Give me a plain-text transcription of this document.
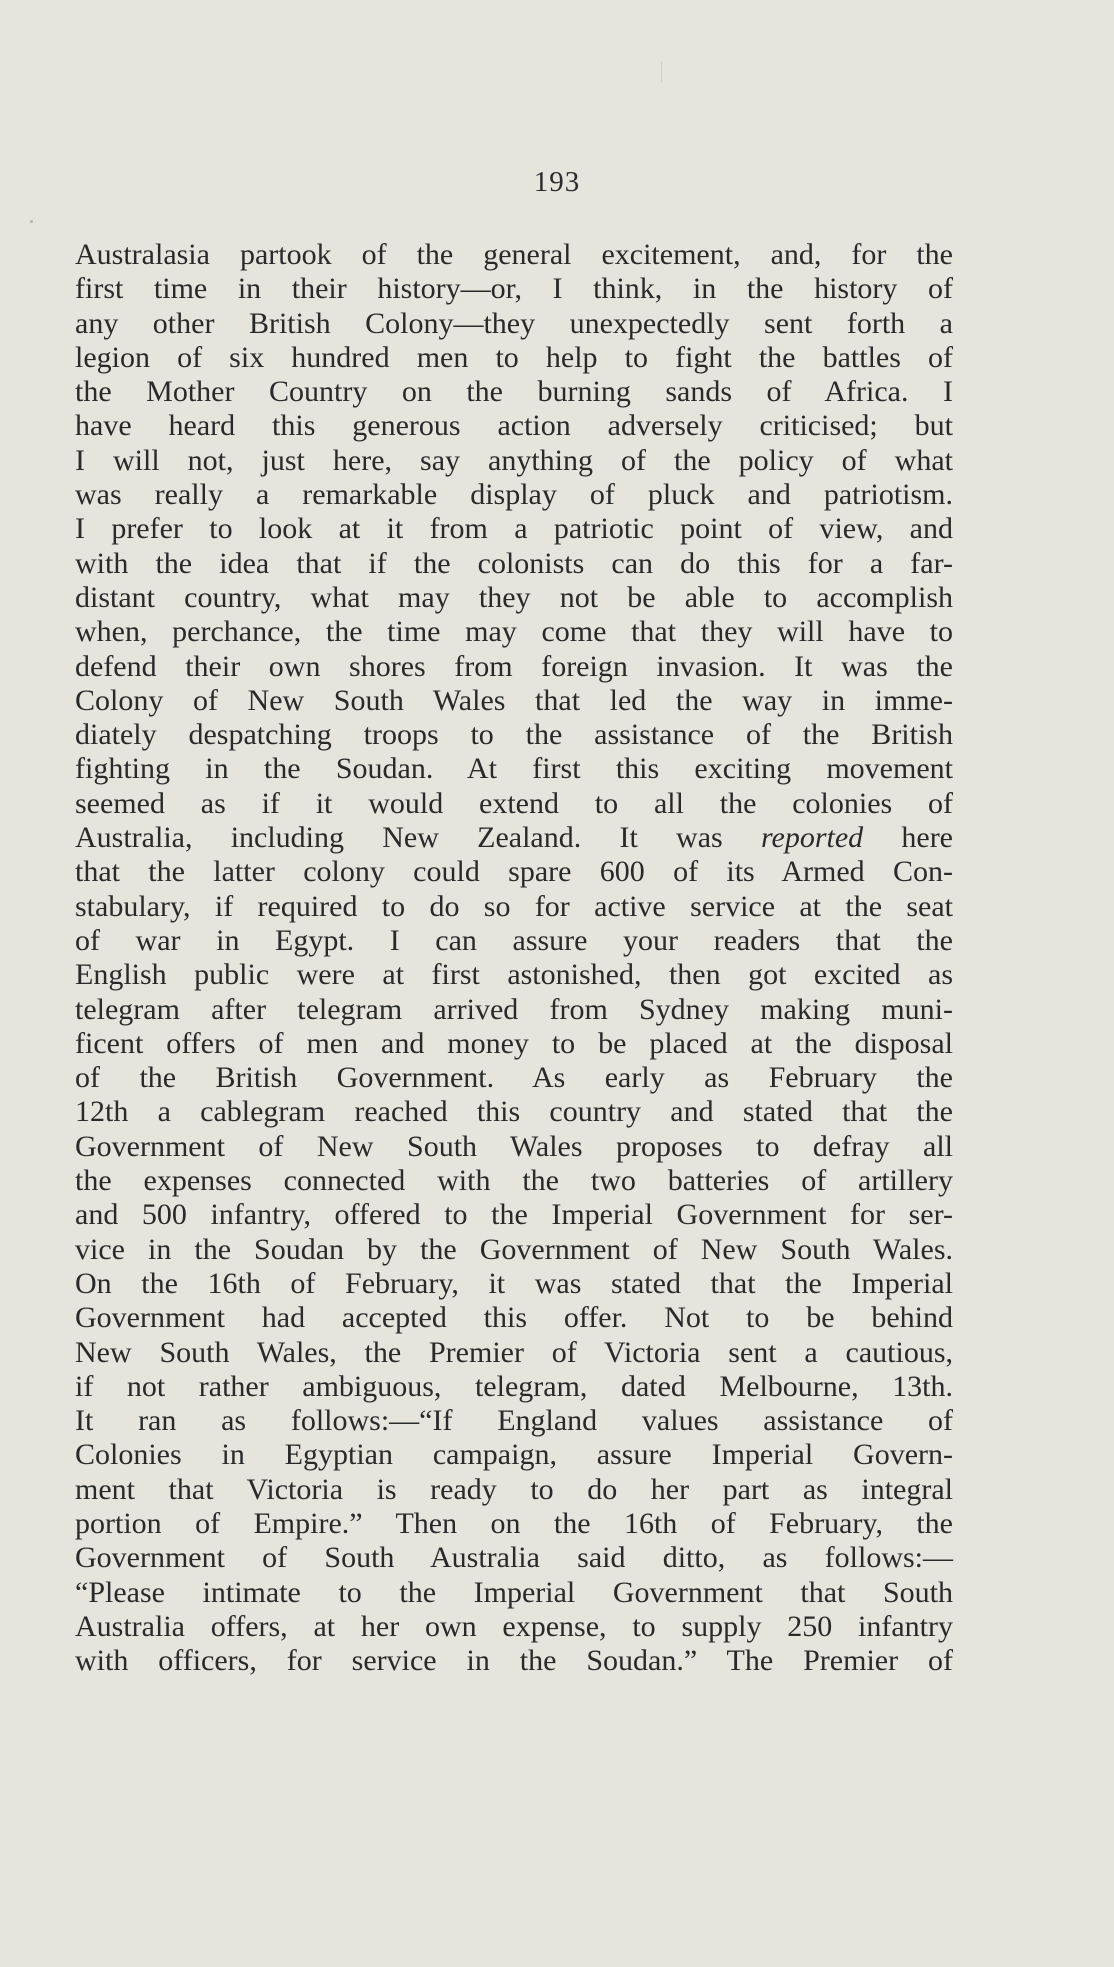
193
Australasia partook of the general excitement, and, for the
first time in their history—or, I think, in the history of
any other British Colony—they unexpectedly sent forth a
legion of six hundred men to help to fight the battles of
the Mother Country on the burning sands of Africa. I
have heard this generous action adversely criticised; but
I will not, just here, say anything of the policy of what
was really a remarkable display of pluck and patriotism.
I prefer to look at it from a patriotic point of view, and
with the idea that if the colonists can do this for a far-
distant country, what may they not be able to accomplish
when, perchance, the time may come that they will have to
defend their own shores from foreign invasion. It was the
Colony of New South Wales that led the way in imme-
diately despatching troops to the assistance of the British
fighting in the Soudan. At first this exciting movement
seemed as if it would extend to all the colonies of
Australia, including New Zealand. It was reported here
that the latter colony could spare 600 of its Armed Con-
stabulary, if required to do so for active service at the seat
of war in Egypt. I can assure your readers that the
English public were at first astonished, then got excited as
telegram after telegram arrived from Sydney making muni-
ficent offers of men and money to be placed at the disposal
of the British Government. As early as February the
12th a cablegram reached this country and stated that the
Government of New South Wales proposes to defray all
the expenses connected with the two batteries of artillery
and 500 infantry, offered to the Imperial Government for ser-
vice in the Soudan by the Government of New South Wales.
On the 16th of February, it was stated that the Imperial
Government had accepted this offer. Not to be behind
New South Wales, the Premier of Victoria sent a cautious,
if not rather ambiguous, telegram, dated Melbourne, 13th.
It ran as follows:—“If England values assistance of
Colonies in Egyptian campaign, assure Imperial Govern-
ment that Victoria is ready to do her part as integral
portion of Empire.” Then on the 16th of February, the
Government of South Australia said ditto, as follows:—
“Please intimate to the Imperial Government that South
Australia offers, at her own expense, to supply 250 infantry
with officers, for service in the Soudan.” The Premier of
